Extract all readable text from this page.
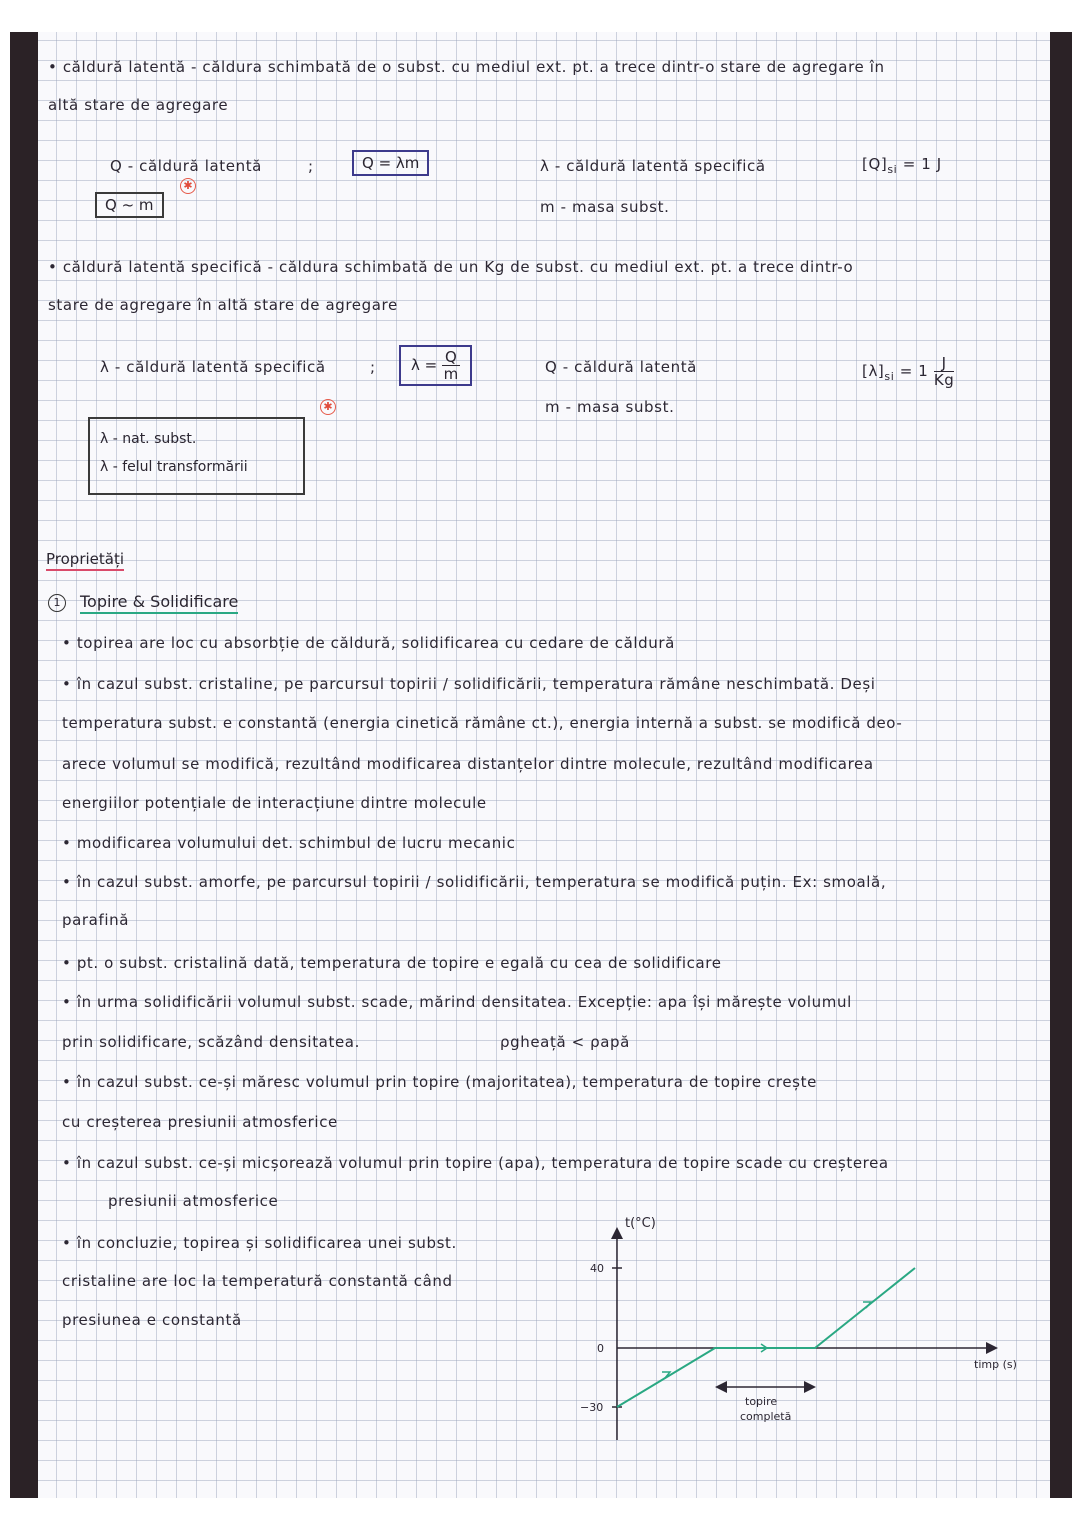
• căldură latentă - căldura schimbată de o subst. cu mediul ext. pt. a trece dintr-o stare de agregare în
altă stare de agregare
Q - căldură latentă	;	Q = λm
✱
Q ~ m
λ - căldură latentă specifică
m - masa subst.
$[Q]_{si} = 1$ J
• căldură latentă specifică - căldura schimbată de un Kg de subst. cu mediul ext. pt. a trece dintr-o
stare de agregare în altă stare de agregare
λ - căldură latentă specifică	;	$\lambda = \frac{Q}{m}$
✱
Q - căldură latentă
m - masa subst.
$[\lambda]_{si} = 1 \frac{J}{Kg}$
λ - nat. subst.
λ - felul transformării
Proprietăți
1	Topire & Solidificare
• topirea are loc cu absorbție de căldură, solidificarea cu cedare de căldură
• în cazul subst. cristaline, pe parcursul topirii / solidificării, temperatura rămâne neschimbată. Deși
temperatura subst. e constantă (energia cinetică rămâne ct.), energia internă a subst. se modifică deo-
arece volumul se modifică, rezultând modificarea distanțelor dintre molecule, rezultând modificarea
energiilor potențiale de interacțiune dintre molecule
• modificarea volumului det. schimbul de lucru mecanic
• în cazul subst. amorfe, pe parcursul topirii / solidificării, temperatura se modifică puțin. Ex: smoală,
parafină
• pt. o subst. cristalină dată, temperatura de topire e egală cu cea de solidificare
• în urma solidificării volumul subst. scade, mărind densitatea. Excepție: apa își mărește volumul
prin solidificare, scăzând densitatea.	ρgheață < ρapă
• în cazul subst. ce-și măresc volumul prin topire (majoritatea), temperatura de topire crește
cu creșterea presiunii atmosferice
• în cazul subst. ce-și micșorează volumul prin topire (apa), temperatura de topire scade cu creșterea
presiunii atmosferice
• în concluzie, topirea și solidificarea unei subst.
cristaline are loc la temperatură constantă când
presiunea e constantă
40
0
−30
t(°C)
timp (s)
topire
completă
